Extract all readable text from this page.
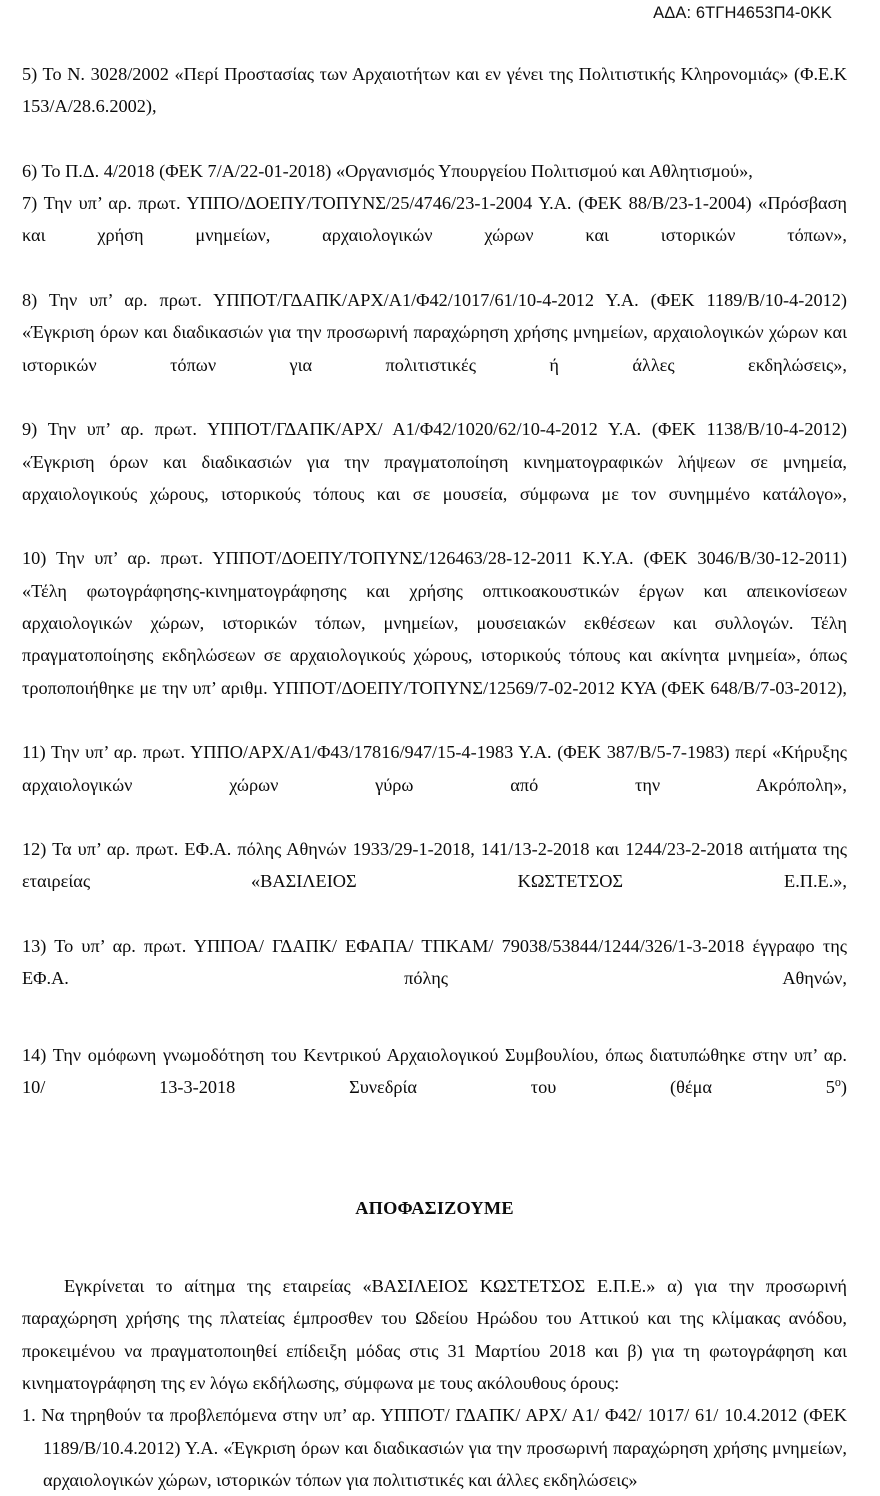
ΑΔΑ: 6ΤΓΗ4653Π4-0ΚΚ

5) Το Ν. 3028/2002 «Περί Προστασίας των Αρχαιοτήτων και εν γένει της Πολιτιστικής Κληρονομιάς» (Φ.Ε.Κ 153/Α/28.6.2002),

6) Το Π.Δ. 4/2018 (ΦΕΚ 7/Α/22-01-2018) «Οργανισμός Υπουργείου Πολιτισμού και Αθλητισμού»,

7) Την υπ’ αρ. πρωτ. ΥΠΠΟ/ΔΟΕΠΥ/ΤΟΠΥΝΣ/25/4746/23-1-2004 Υ.Α. (ΦΕΚ 88/Β/23-1-2004) «Πρόσβαση και χρήση μνημείων, αρχαιολογικών χώρων και ιστορικών τόπων»,

8) Την υπ’ αρ. πρωτ. ΥΠΠΟΤ/ΓΔΑΠΚ/ΑΡΧ/Α1/Φ42/1017/61/10-4-2012 Υ.Α. (ΦΕΚ 1189/Β/10-4-2012) «Έγκριση όρων και διαδικασιών για την προσωρινή παραχώρηση χρήσης μνημείων, αρχαιολογικών χώρων και ιστορικών τόπων για πολιτιστικές ή άλλες εκδηλώσεις»,

9) Την υπ’ αρ. πρωτ. ΥΠΠΟΤ/ΓΔΑΠΚ/ΑΡΧ/ Α1/Φ42/1020/62/10-4-2012 Υ.Α. (ΦΕΚ 1138/Β/10-4-2012) «Έγκριση όρων και διαδικασιών για την πραγματοποίηση κινηματογραφικών λήψεων σε μνημεία, αρχαιολογικούς χώρους, ιστορικούς τόπους και σε μουσεία, σύμφωνα με τον συνημμένο κατάλογο»,

10) Την υπ’ αρ. πρωτ. ΥΠΠΟΤ/ΔΟΕΠΥ/ΤΟΠΥΝΣ/126463/28-12-2011 Κ.Υ.Α. (ΦΕΚ 3046/Β/30-12-2011) «Τέλη φωτογράφησης-κινηματογράφησης και χρήσης οπτικοακουστικών έργων και απεικονίσεων αρχαιολογικών χώρων, ιστορικών τόπων, μνημείων, μουσειακών εκθέσεων και συλλογών. Τέλη πραγματοποίησης εκδηλώσεων σε αρχαιολογικούς χώρους, ιστορικούς τόπους και ακίνητα μνημεία», όπως τροποποιήθηκε με την υπ’ αριθμ. ΥΠΠΟΤ/ΔΟΕΠΥ/ΤΟΠΥΝΣ/12569/7-02-2012 ΚΥΑ (ΦΕΚ 648/Β/7-03-2012),

11) Την υπ’ αρ. πρωτ. ΥΠΠΟ/ΑΡΧ/Α1/Φ43/17816/947/15-4-1983 Υ.Α. (ΦΕΚ 387/Β/5-7-1983) περί «Κήρυξης αρχαιολογικών χώρων γύρω από την Ακρόπολη»,

12) Τα υπ’ αρ. πρωτ. ΕΦ.Α. πόλης Αθηνών 1933/29-1-2018, 141/13-2-2018 και 1244/23-2-2018 αιτήματα της εταιρείας «ΒΑΣΙΛΕΙΟΣ ΚΩΣΤΕΤΣΟΣ Ε.Π.Ε.»,

13) Το υπ’ αρ. πρωτ. ΥΠΠΟΑ/ ΓΔΑΠΚ/ ΕΦΑΠΑ/ ΤΠΚΑΜ/ 79038/53844/1244/326/1-3-2018 έγγραφο της ΕΦ.Α. πόλης Αθηνών,

14) Την ομόφωνη γνωμοδότηση του Κεντρικού Αρχαιολογικού Συμβουλίου, όπως διατυπώθηκε στην υπ’ αρ. 10/ 13-3-2018 Συνεδρία του (θέμα $5^o$)

ΑΠΟΦΑΣΙΖΟΥΜΕ

Εγκρίνεται το αίτημα της εταιρείας «ΒΑΣΙΛΕΙΟΣ ΚΩΣΤΕΤΣΟΣ Ε.Π.Ε.» α) για την προσωρινή παραχώρηση χρήσης της πλατείας έμπροσθεν του Ωδείου Ηρώδου του Αττικού και της κλίμακας ανόδου, προκειμένου να πραγματοποιηθεί επίδειξη μόδας στις 31 Μαρτίου 2018 και β) για τη φωτογράφηση και κινηματογράφηση της εν λόγω εκδήλωσης, σύμφωνα με τους ακόλουθους όρους:

1. Να τηρηθούν τα προβλεπόμενα στην υπ’ αρ. ΥΠΠΟΤ/ ΓΔΑΠΚ/ ΑΡΧ/ Α1/ Φ42/ 1017/ 61/ 10.4.2012 (ΦΕΚ 1189/Β/10.4.2012) Υ.Α. «Έγκριση όρων και διαδικασιών για την προσωρινή παραχώρηση χρήσης μνημείων, αρχαιολογικών χώρων, ιστορικών τόπων για πολιτιστικές και άλλες εκδηλώσεις»
